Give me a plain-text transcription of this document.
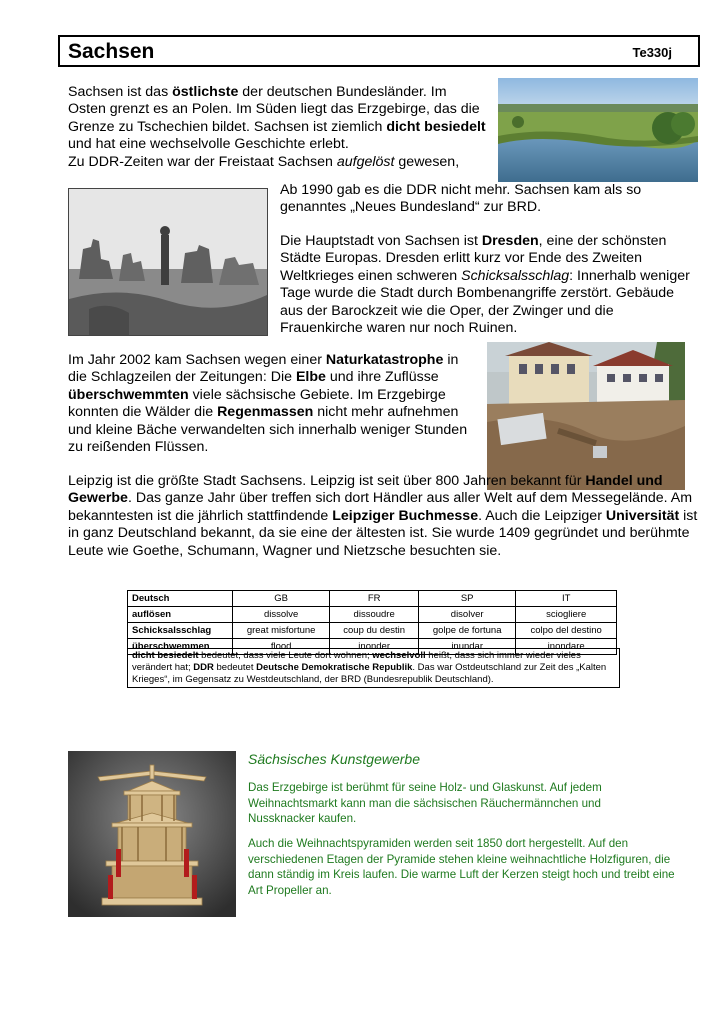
Sachsen	Te330j
Sachsen ist das östlichste der deutschen Bundesländer. Im Osten grenzt es an Polen. Im Süden liegt das Erzgebirge, das die Grenze zu Tschechien bildet. Sachsen ist ziemlich dicht besiedelt und hat eine wechselvolle Geschichte erlebt.
Zu DDR-Zeiten war der Freistaat Sachsen aufgelöst gewesen,
Ab 1990 gab es die DDR nicht mehr. Sachsen kam als so genanntes „Neues Bundesland“ zur BRD.
Die Hauptstadt von Sachsen ist Dresden, eine der schönsten Städte Europas. Dresden erlitt kurz vor Ende des Zweiten Weltkrieges einen schweren Schicksalsschlag: Innerhalb weniger Tage wurde die Stadt durch Bombenangriffe zerstört. Gebäude aus der Barockzeit wie die Oper, der Zwinger und die Frauenkirche waren nur noch Ruinen.
Im Jahr 2002 kam Sachsen wegen einer Naturkatastrophe in die Schlagzeilen der Zeitungen: Die Elbe und ihre Zuflüsse überschwemmten viele sächsische Gebiete. Im Erzgebirge konnten die Wälder die Regenmassen nicht mehr aufnehmen und kleine Bäche verwandelten sich innerhalb weniger Stunden zu reißenden Flüssen.
Leipzig ist die größte Stadt Sachsens. Leipzig ist seit über 800 Jahren bekannt für Handel und Gewerbe. Das ganze Jahr über treffen sich dort Händler aus aller Welt auf dem Messegelände. Am bekanntesten ist die jährlich stattfindende Leipziger Buchmesse. Auch die Leipziger Universität ist in ganz Deutschland bekannt, da sie eine der ältesten ist. Sie wurde 1409 gegründet und berühmte Leute wie Goethe, Schumann, Wagner und Nietzsche besuchten sie.
Deutsch	GB	FR	SP	IT
auflösen	dissolve	dissoudre	disolver	sciogliere
Schicksalsschlag	great misfortune	coup du destin	golpe de fortuna	colpo del destino
überschwemmen	flood	inonder	inundar	inondare
dicht besiedelt bedeutet, dass viele Leute dort wohnen; wechselvoll heißt, dass sich immer wieder vieles verändert hat; DDR bedeutet Deutsche Demokratische Republik. Das war Ostdeutschland zur Zeit des „Kalten Krieges“, im Gegensatz zu Westdeutschland, der BRD (Bundesrepublik Deutschland).
Sächsisches Kunstgewerbe
Das Erzgebirge ist berühmt für seine Holz- und Glaskunst. Auf jedem Weihnachtsmarkt kann man die sächsischen Räuchermännchen und Nussknacker kaufen.
Auch die Weihnachtspyramiden werden seit 1850 dort hergestellt. Auf den verschiedenen Etagen der Pyramide stehen kleine weihnachtliche Holzfiguren, die dann ständig im Kreis laufen. Die warme Luft der Kerzen steigt hoch und treibt eine Art Propeller an.
